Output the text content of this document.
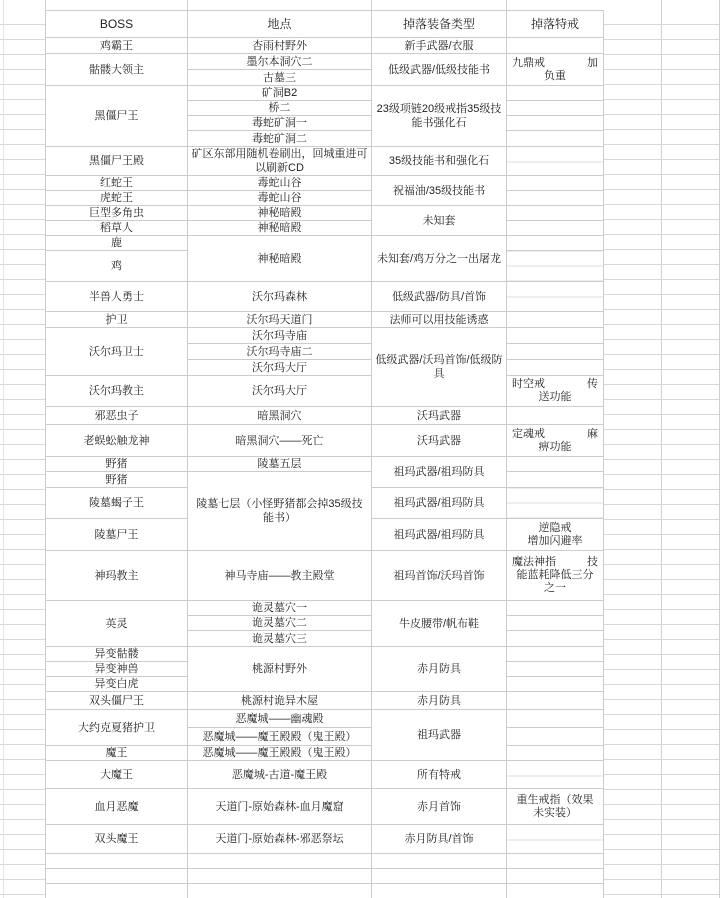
BOSS	地点	掉落装备类型	掉落特戒
鸡霸王	杏雨村野外	新手武器/衣服	
骷髅大领主	墨尔本洞穴二	低级武器/低级技能书	九鼎戒 加
负重

	古墓三		
黑僵尸王	矿洞B2	23级项链20级戒指35级技能书强化石	
	桥二		
	毒蛇矿洞一		
	毒蛇矿洞二		
黑僵尸王殿	矿区东部用随机卷刷出，回城重进可以刷新CD	35级技能书和强化石	
红蛇王	毒蛇山谷	祝福油/35级技能书	
虎蛇王	毒蛇山谷		
巨型多角虫	神秘暗殿	未知套	
稻草人	神秘暗殿		
鹿	神秘暗殿	未知套/鸡万分之一出屠龙	
鸡			
半兽人勇士	沃尔玛森林	低级武器/防具/首饰	
护卫	沃尔玛天道门	法师可以用技能诱惑	
沃尔玛卫士	沃尔玛寺庙	低级武器/沃玛首饰/低级防具	
	沃尔玛寺庙二		
	沃尔玛大厅		
沃尔玛教主	沃尔玛大厅		时空戒 传
送功能

邪恶虫子	暗黑洞穴	沃玛武器	
老蜈蚣触龙神	暗黑洞穴——死亡	沃玛武器	定魂戒 麻
痹功能

野猪	陵墓五层	祖玛武器/祖玛防具	
野猪	陵墓七层（小怪野猪都会掉35级技能书）		
陵墓蝎子王		祖玛武器/祖玛防具	
陵墓尸王		祖玛武器/祖玛防具	逆隐戒
增加闪避率

神玛教主	神马寺庙——教主殿堂	祖玛首饰/沃玛首饰	魔法神指 技
能蓝耗降低三分
之一

英灵	诡灵墓穴一	牛皮腰带/帆布鞋	
	诡灵墓穴二		
	诡灵墓穴三		
异变骷髅	桃源村野外	赤月防具	
异变神兽			
异变白虎			
双头僵尸王	桃源村诡异木屋	赤月防具	
大约克夏猪护卫	恶魔城——幽魂殿	祖玛武器	
	恶魔城——魔王殿殿（鬼王殿）		
魔王	恶魔城——魔王殿殿（鬼王殿）		
大魔王	恶魔城-古道-魔王殿	所有特戒	
血月恶魔	天道门-原始森林-血月魔窟	赤月首饰	重生戒指（效果
未实装）

双头魔王	天道门-原始森林-邪恶祭坛	赤月防具/首饰	
